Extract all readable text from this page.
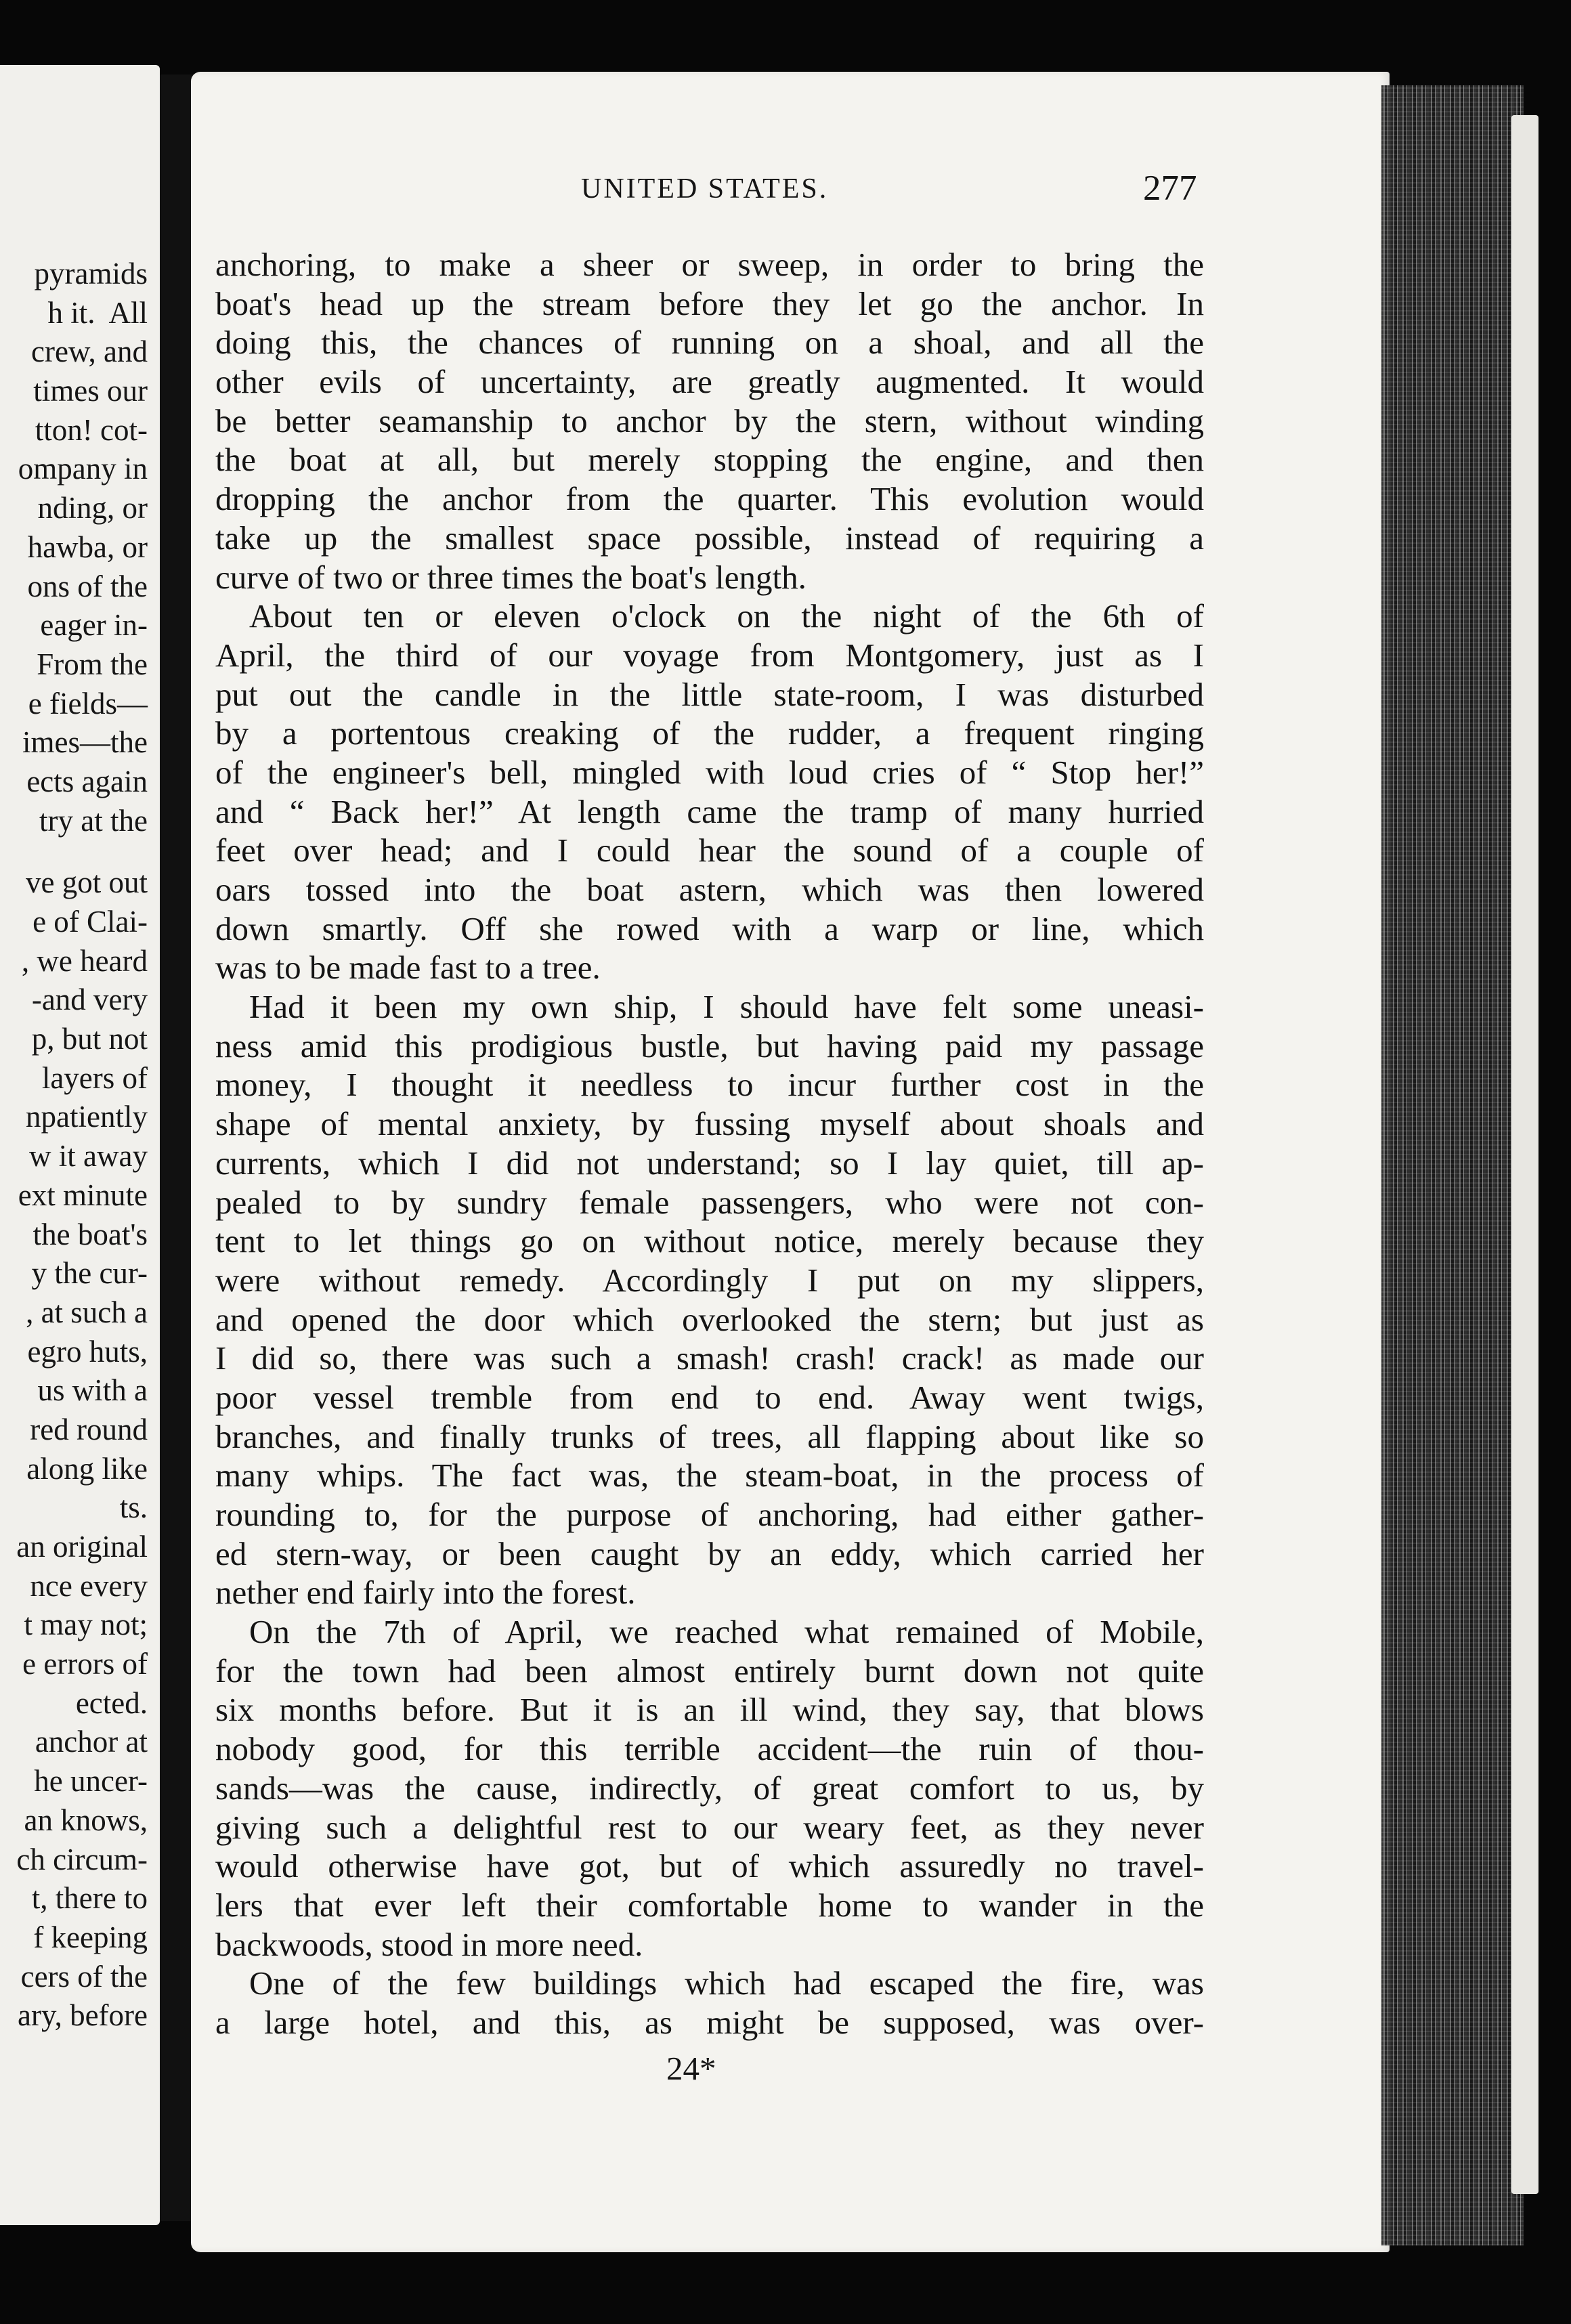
pyramids
h it.  All
crew, and
times our
tton! cot-
ompany in
nding, or
hawba, or
ons of the
eager in-
From the
e fields—
imes—the
ects again
try at the
ve got out
e of Clai-
, we heard
-and very
p, but not
layers of
npatiently
w it away
ext minute
the boat's
y the cur-
, at such a
egro huts,
us with a
red round
along like
ts.
an original
nce every
t may not;
e errors of
ected.
anchor at
he uncer-
an knows,
ch circum-
t, there to
f keeping
cers of the
ary, before
UNITED STATES.	277
anchoring, to make a sheer or sweep, in order to bring the
boat's head up the stream before they let go the anchor. In
doing this, the chances of running on a shoal, and all the
other evils of uncertainty, are greatly augmented. It would
be better seamanship to anchor by the stern, without winding
the boat at all, but merely stopping the engine, and then
dropping the anchor from the quarter. This evolution would
take up the smallest space possible, instead of requiring a
curve of two or three times the boat's length.
About ten or eleven o'clock on the night of the 6th of
April, the third of our voyage from Montgomery, just as I
put out the candle in the little state-room, I was disturbed
by a portentous creaking of the rudder, a frequent ringing
of the engineer's bell, mingled with loud cries of “ Stop her!”
and “ Back her!” At length came the tramp of many hurried
feet over head; and I could hear the sound of a couple of
oars tossed into the boat astern, which was then lowered
down smartly. Off she rowed with a warp or line, which
was to be made fast to a tree.
Had it been my own ship, I should have felt some uneasi-
ness amid this prodigious bustle, but having paid my passage
money, I thought it needless to incur further cost in the
shape of mental anxiety, by fussing myself about shoals and
currents, which I did not understand; so I lay quiet, till ap-
pealed to by sundry female passengers, who were not con-
tent to let things go on without notice, merely because they
were without remedy. Accordingly I put on my slippers,
and opened the door which overlooked the stern; but just as
I did so, there was such a smash! crash! crack! as made our
poor vessel tremble from end to end. Away went twigs,
branches, and finally trunks of trees, all flapping about like so
many whips. The fact was, the steam-boat, in the process of
rounding to, for the purpose of anchoring, had either gather-
ed stern-way, or been caught by an eddy, which carried her
nether end fairly into the forest.
On the 7th of April, we reached what remained of Mobile,
for the town had been almost entirely burnt down not quite
six months before. But it is an ill wind, they say, that blows
nobody good, for this terrible accident—the ruin of thou-
sands—was the cause, indirectly, of great comfort to us, by
giving such a delightful rest to our weary feet, as they never
would otherwise have got, but of which assuredly no travel-
lers that ever left their comfortable home to wander in the
backwoods, stood in more need.
One of the few buildings which had escaped the fire, was
a large hotel, and this, as might be supposed, was over-
24*
